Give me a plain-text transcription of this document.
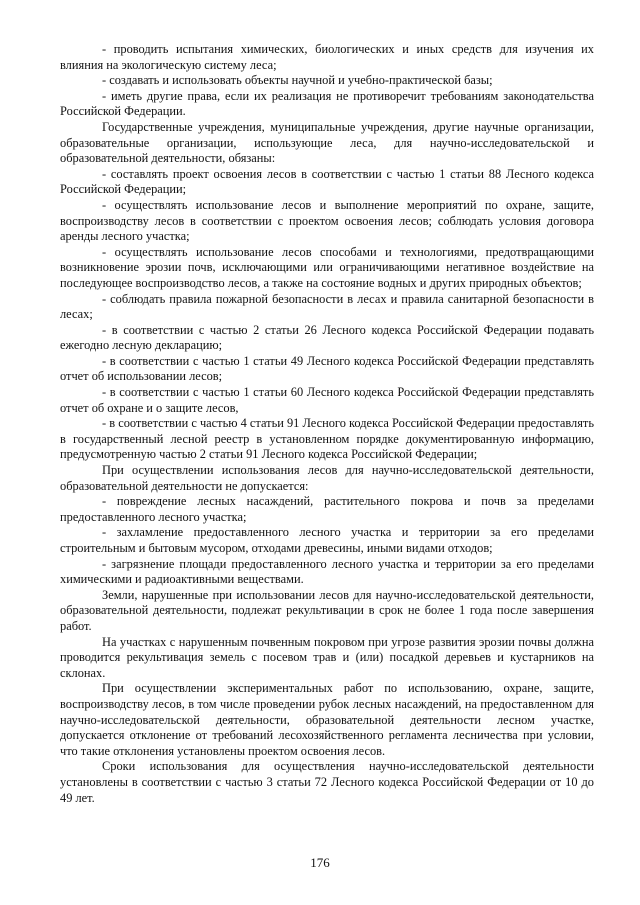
- проводить испытания химических, биологических и иных средств для изучения их влияния на экологическую систему леса;

- создавать и использовать объекты научной и учебно-практической базы;

- иметь другие права, если их реализация не противоречит требованиям законодательства Российской Федерации.

Государственные учреждения, муниципальные учреждения, другие научные организации, образовательные организации, использующие леса, для научно-исследовательской и образовательной деятельности, обязаны:

- составлять проект освоения лесов в соответствии с частью 1 статьи 88 Лесного кодекса Российской Федерации;

- осуществлять использование лесов и выполнение мероприятий по охране, защите, воспроизводству лесов в соответствии с проектом освоения лесов; соблюдать условия договора аренды лесного участка;

- осуществлять использование лесов способами и технологиями, предотвращающими возникновение эрозии почв, исключающими или ограничивающими негативное воздействие на последующее воспроизводство лесов, а также на состояние водных и других природных объектов;

- соблюдать правила пожарной безопасности в лесах и правила санитарной безопасности в лесах;

- в соответствии с частью 2 статьи 26 Лесного кодекса Российской Федерации подавать ежегодно лесную декларацию;

- в соответствии с частью 1 статьи 49 Лесного кодекса Российской Федерации представлять отчет об использовании лесов;

- в соответствии с частью 1 статьи 60 Лесного кодекса Российской Федерации представлять отчет об охране и о защите лесов,

- в соответствии с частью 4 статьи 91 Лесного кодекса Российской Федерации предоставлять в государственный лесной реестр в установленном порядке документированную информацию, предусмотренную частью 2 статьи 91 Лесного кодекса Российской Федерации;

При осуществлении использования лесов для научно-исследовательской деятельности, образовательной деятельности не допускается:

- повреждение лесных насаждений, растительного покрова и почв за пределами предоставленного лесного участка;

- захламление предоставленного лесного участка и территории за его пределами строительным и бытовым мусором, отходами древесины, иными видами отходов;

- загрязнение площади предоставленного лесного участка и территории за его пределами химическими и радиоактивными веществами.

Земли, нарушенные при использовании лесов для научно-исследовательской деятельности, образовательной деятельности, подлежат рекультивации в срок не более 1 года после завершения работ.

На участках с нарушенным почвенным покровом при угрозе развития эрозии почвы должна проводится рекультивация земель с посевом трав и (или) посадкой деревьев и кустарников на склонах.

При осуществлении экспериментальных работ по использованию, охране, защите, воспроизводству лесов, в том числе проведении рубок лесных насаждений, на предоставленном для научно-исследовательской деятельности, образовательной деятельности лесном участке, допускается отклонение от требований лесохозяйственного регламента лесничества при условии, что такие отклонения установлены проектом освоения лесов.

Сроки использования для осуществления научно-исследовательской деятельности установлены в соответствии с частью 3 статьи 72 Лесного кодекса Российской Федерации от 10 до 49 лет.

176
